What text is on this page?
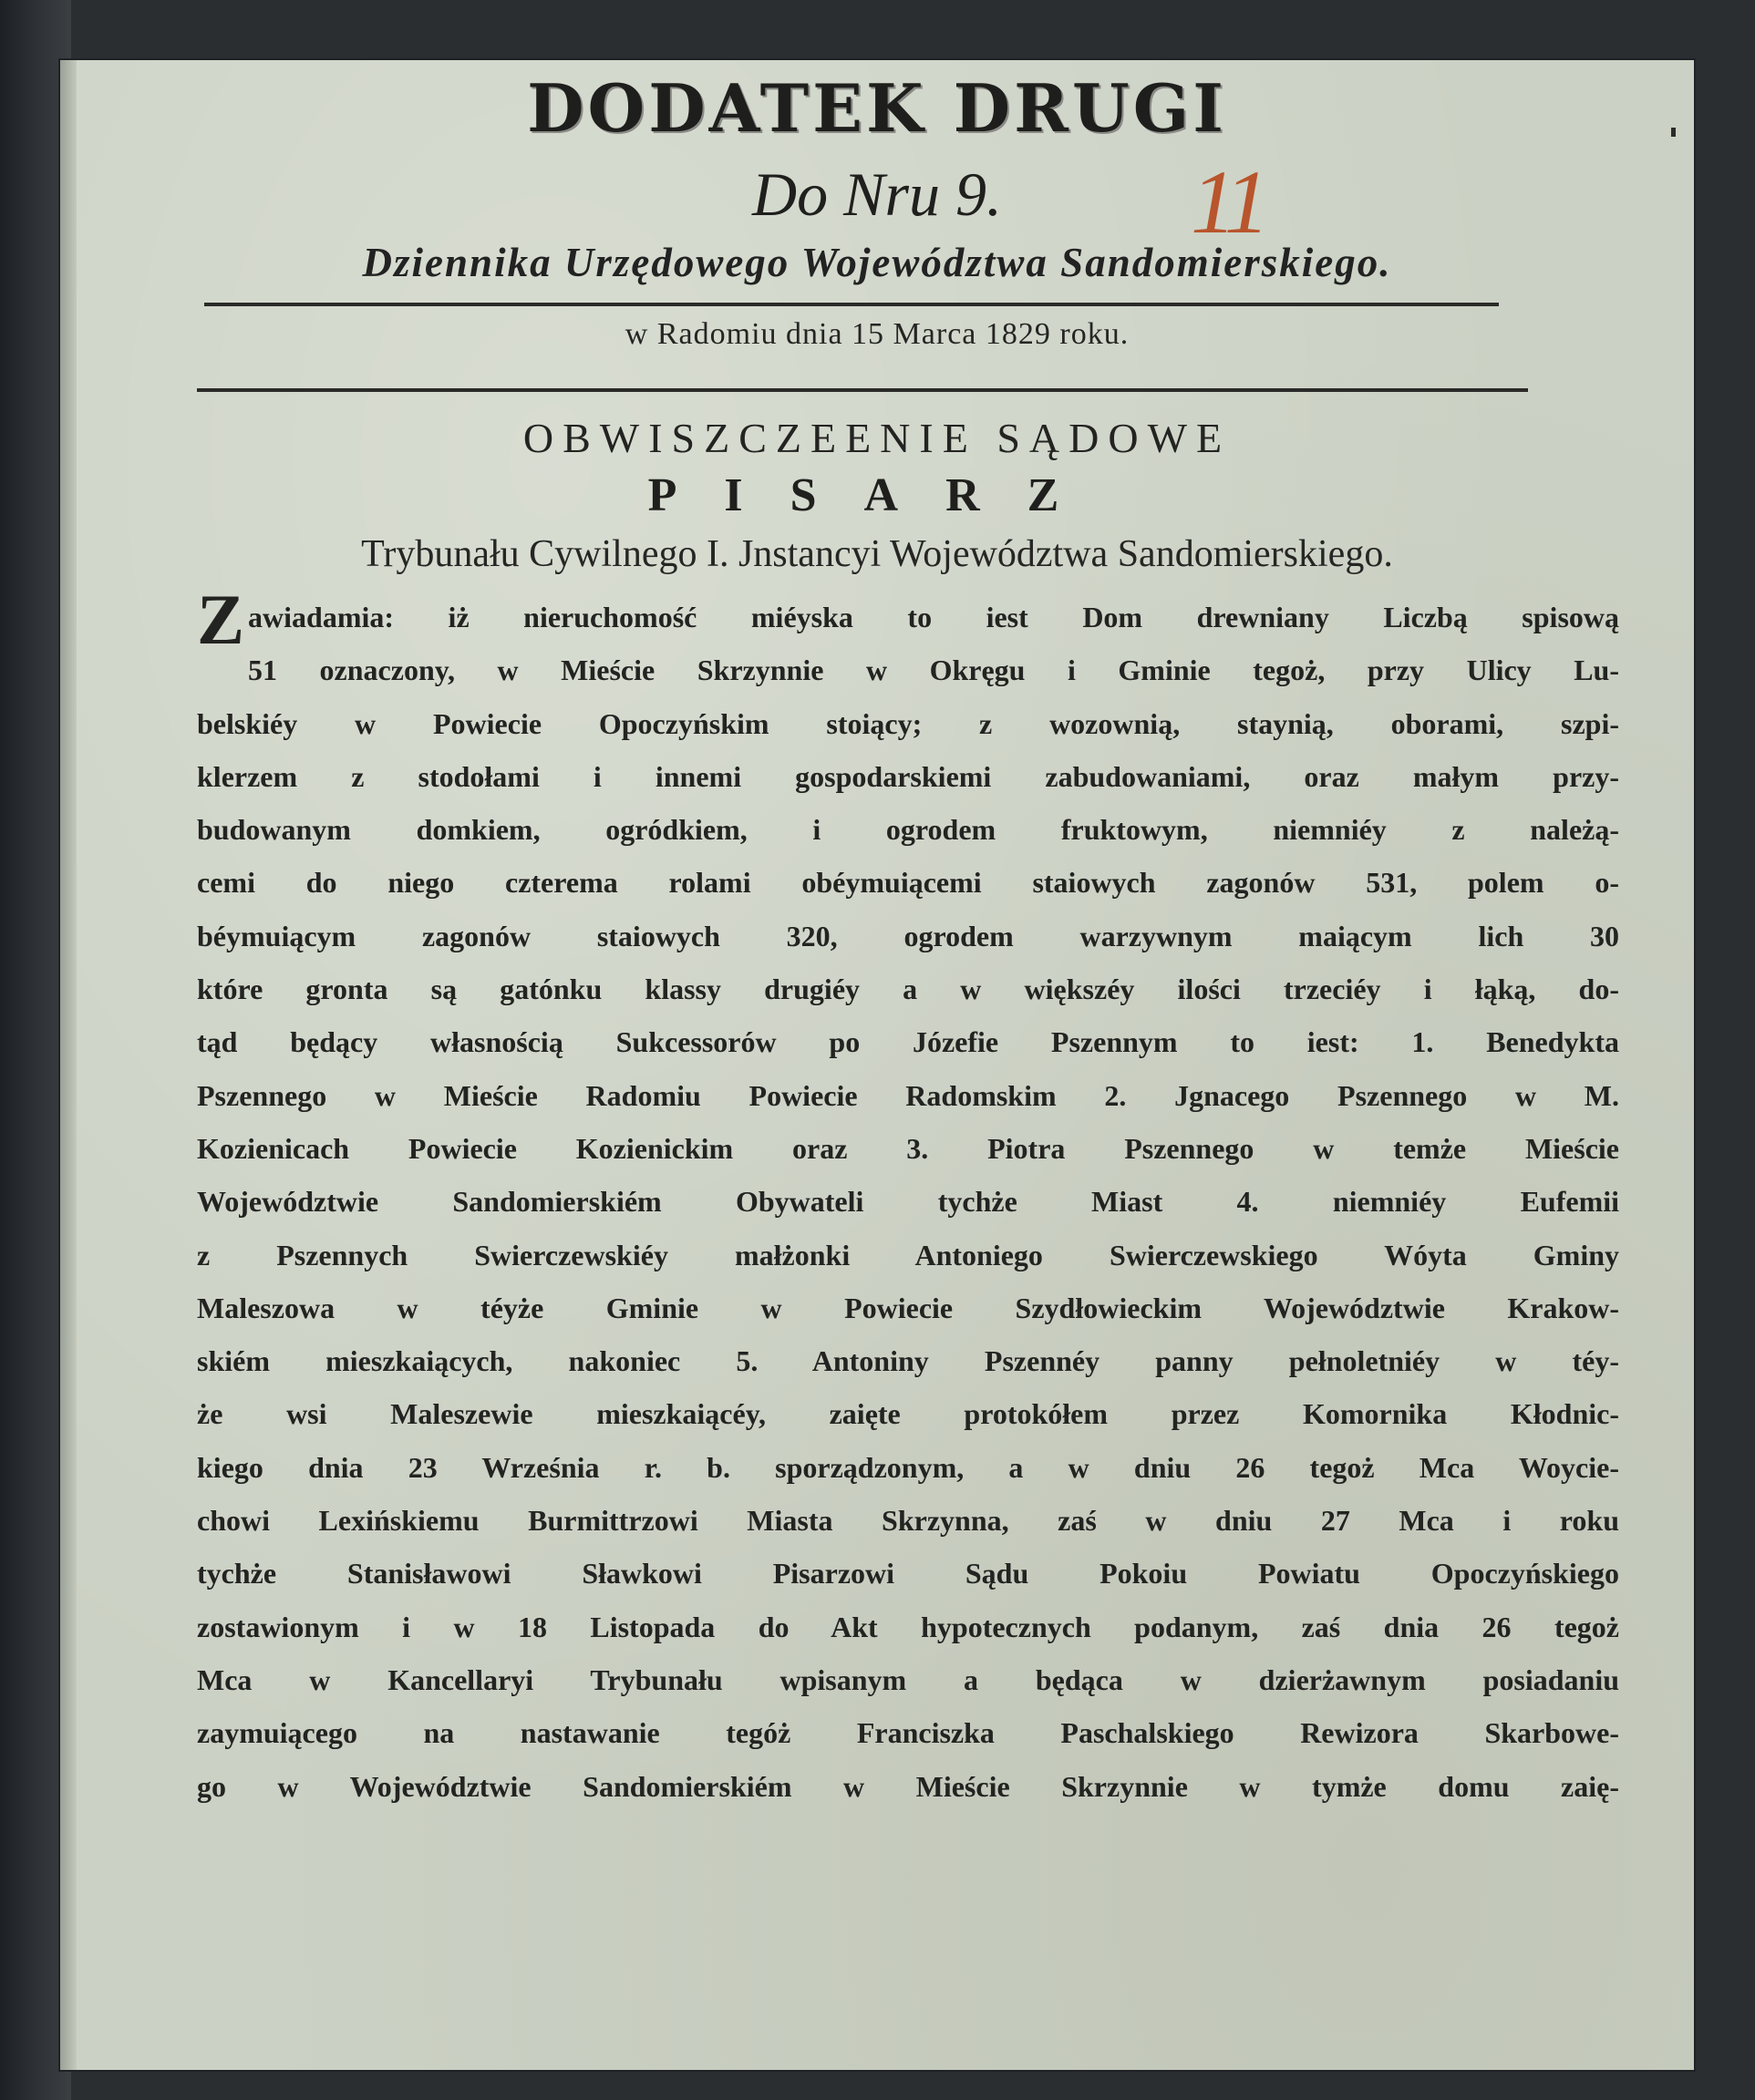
DODATEK DRUGI
Do Nru 9.	11
Dziennika Urzędowego Województwa Sandomierskiego.
w Radomiu dnia 15 Marca 1829 roku.
OBWISZCZEENIE SĄDOWE
PISARZ
Trybunału Cywilnego I. Jnstancyi Województwa Sandomierskiego.
Z awiadamia: iż nieruchomość miéyska to iest Dom drewniany Liczbą spisową
51 oznaczony, w Mieście Skrzynnie w Okręgu i Gminie tegoż, przy Ulicy Lu-
belskiéy w Powiecie Opoczyńskim stoiący; z wozownią, staynią, oborami, szpi-
klerzem z stodołami i innemi gospodarskiemi zabudowaniami, oraz małym przy-
budowanym domkiem, ogródkiem, i ogrodem fruktowym, niemniéy z należą-
cemi do niego czterema rolami obéymuiącemi staiowych zagonów 531, polem o-
béymuiącym zagonów staiowych 320, ogrodem warzywnym maiącym lich 30
które gronta są gatónku klassy drugiéy a w większéy ilości trzeciéy i łąką, do-
tąd będący własnością Sukcessorów po Józefie Pszennym to iest: 1. Benedykta
Pszennego w Mieście Radomiu Powiecie Radomskim 2. Jgnacego Pszennego w M.
Kozienicach Powiecie Kozienickim oraz 3. Piotra Pszennego w temże Mieście
Województwie Sandomierskiém Obywateli tychże Miast 4. niemniéy Eufemii
z Pszennych Swierczewskiéy małżonki Antoniego Swierczewskiego Wóyta Gminy
Maleszowa w téyże Gminie w Powiecie Szydłowieckim Województwie Krakow-
skiém mieszkaiących, nakoniec 5. Antoniny Pszennéy panny pełnoletniéy w téy-
że wsi Maleszewie mieszkaiącéy, zaięte protokółem przez Komornika Kłodnic-
kiego dnia 23 Września r. b. sporządzonym, a w dniu 26 tegoż Mca Woycie-
chowi Lexińskiemu Burmittrzowi Miasta Skrzynna, zaś w dniu 27 Mca i roku
tychże Stanisławowi Sławkowi Pisarzowi Sądu Pokoiu Powiatu Opoczyńskiego
zostawionym i w 18 Listopada do Akt hypotecznych podanym, zaś dnia 26 tegoż
Mca w Kancellaryi Trybunału wpisanym a będąca w dzierżawnym posiadaniu
zaymuiącego na nastawanie tegóż Franciszka Paschalskiego Rewizora Skarbowe-
go w Województwie Sandomierskiém w Mieście Skrzynnie w tymże domu zaię-
